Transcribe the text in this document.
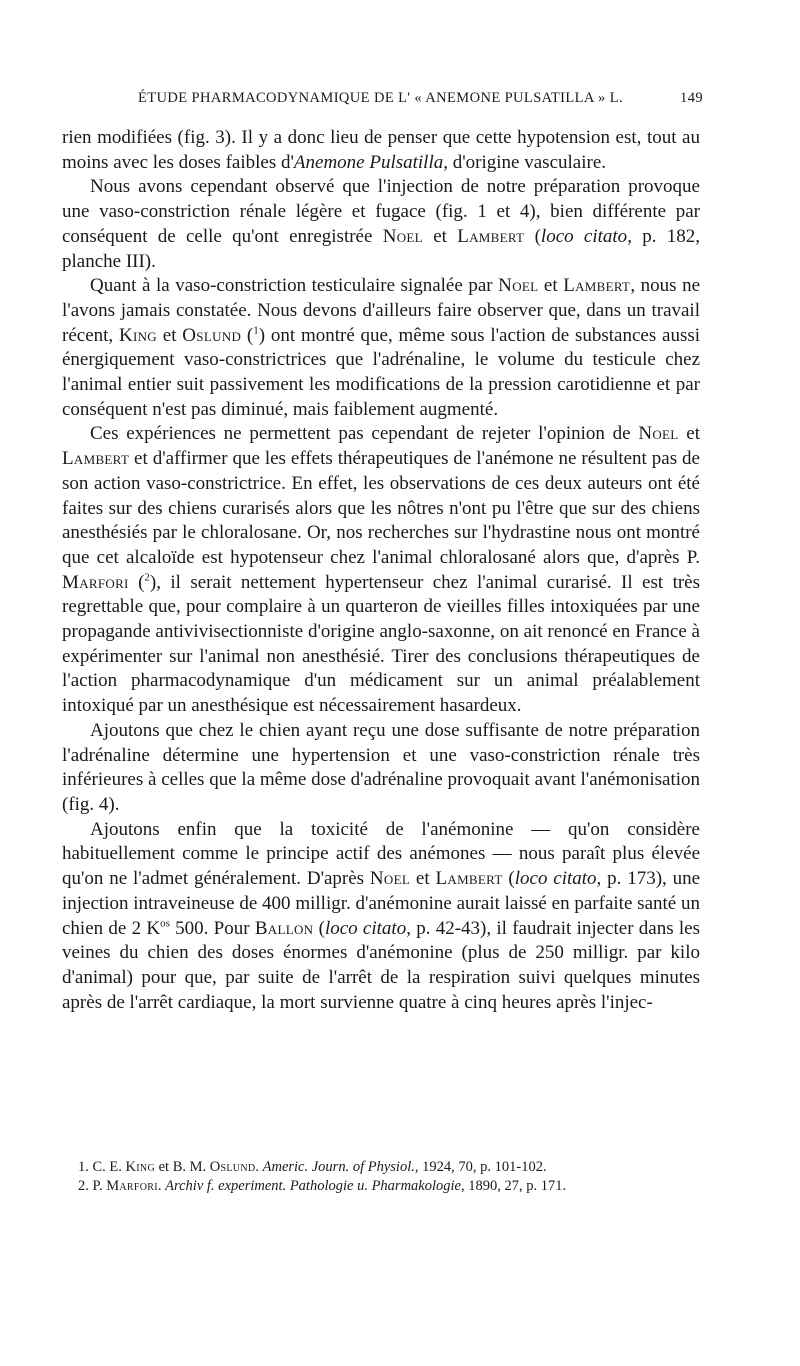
ÉTUDE PHARMACODYNAMIQUE DE L' « ANEMONE PULSATILLA » L.	149

rien modifiées (fig. 3). Il y a donc lieu de penser que cette hypotension est, tout au moins avec les doses faibles d'Anemone Pulsatilla, d'origine vasculaire.

Nous avons cependant observé que l'injection de notre préparation provoque une vaso-constriction rénale légère et fugace (fig. 1 et 4), bien différente par conséquent de celle qu'ont enregistrée Noel et Lambert (loco citato, p. 182, planche III).

Quant à la vaso-constriction testiculaire signalée par Noel et Lambert, nous ne l'avons jamais constatée. Nous devons d'ailleurs faire observer que, dans un travail récent, King et Oslund ($^1$) ont montré que, même sous l'action de substances aussi énergiquement vaso-constrictrices que l'adrénaline, le volume du testicule chez l'animal entier suit passivement les modifications de la pression carotidienne et par conséquent n'est pas diminué, mais faiblement augmenté.

Ces expériences ne permettent pas cependant de rejeter l'opinion de Noel et Lambert et d'affirmer que les effets thérapeutiques de l'anémone ne résultent pas de son action vaso-constrictrice. En effet, les observations de ces deux auteurs ont été faites sur des chiens curarisés alors que les nôtres n'ont pu l'être que sur des chiens anesthésiés par le chloralosane. Or, nos recherches sur l'hydrastine nous ont montré que cet alcaloïde est hypotenseur chez l'animal chloralosané alors que, d'après P. Marfori ($^2$), il serait nettement hypertenseur chez l'animal curarisé. Il est très regrettable que, pour complaire à un quarteron de vieilles filles intoxiquées par une propagande antivivisectionniste d'origine anglo-saxonne, on ait renoncé en France à expérimenter sur l'animal non anesthésié. Tirer des conclusions thérapeutiques de l'action pharmacodynamique d'un médicament sur un animal préalablement intoxiqué par un anesthésique est nécessairement hasardeux.

Ajoutons que chez le chien ayant reçu une dose suffisante de notre préparation l'adrénaline détermine une hypertension et une vaso-constriction rénale très inférieures à celles que la même dose d'adrénaline provoquait avant l'anémonisation (fig. 4).

Ajoutons enfin que la toxicité de l'anémonine — qu'on considère habituellement comme le principe actif des anémones — nous paraît plus élevée qu'on ne l'admet généralement. D'après Noel et Lambert (loco citato, p. 173), une injection intraveineuse de 400 milligr. d'anémonine aurait laissé en parfaite santé un chien de 2 $K^{os}$ 500. Pour Ballon (loco citato, p. 42-43), il faudrait injecter dans les veines du chien des doses énormes d'anémonine (plus de 250 milligr. par kilo d'animal) pour que, par suite de l'arrêt de la respiration suivi quelques minutes après de l'arrêt cardiaque, la mort survienne quatre à cinq heures après l'injec-

1. C. E. King et B. M. Oslund. Americ. Journ. of Physiol., 1924, 70, p. 101-102.
2. P. Marfori. Archiv f. experiment. Pathologie u. Pharmakologie, 1890, 27, p. 171.
